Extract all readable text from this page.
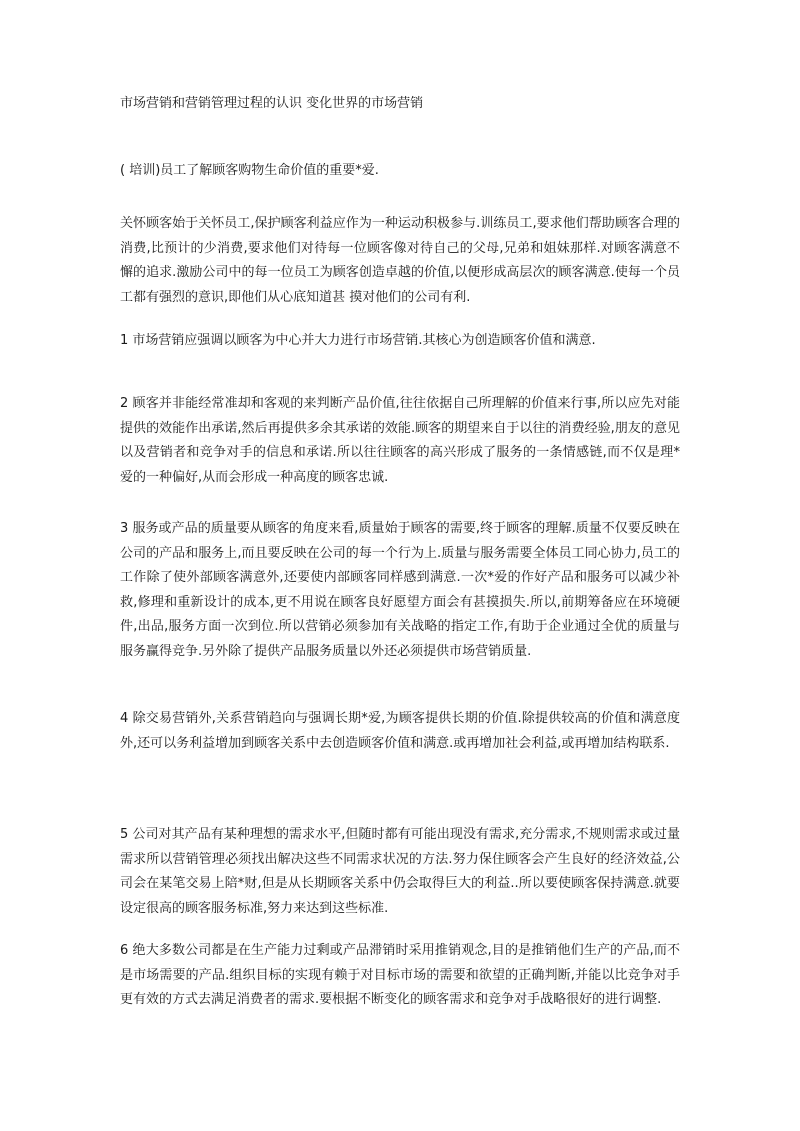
市场营销和营销管理过程的认识 变化世界的市场营销
( 培训)员工了解顾客购物生命价值的重要*爱.
关怀顾客始于关怀员工,保护顾客利益应作为一种运动积极参与.训练员工,要求他们帮助顾客合理的消费,比预计的少消费,要求他们对待每一位顾客像对待自己的父母,兄弟和姐妹那样.对顾客满意不懈的追求.激励公司中的每一位员工为顾客创造卓越的价值,以便形成高层次的顾客满意.使每一个员工都有强烈的意识,即他们从心底知道甚 摸对他们的公司有利.
1 市场营销应强调以顾客为中心并大力进行市场营销.其核心为创造顾客价值和满意.
2 顾客并非能经常准却和客观的来判断产品价值,往往依据自己所理解的价值来行事,所以应先对能提供的效能作出承诺,然后再提供多余其承诺的效能.顾客的期望来自于以往的消费经验,朋友的意见以及营销者和竞争对手的信息和承诺.所以往往顾客的高兴形成了服务的一条情感链,而不仅是理*爱的一种偏好,从而会形成一种高度的顾客忠诚.
3 服务或产品的质量要从顾客的角度来看,质量始于顾客的需要,终于顾客的理解.质量不仅要反映在公司的产品和服务上,而且要反映在公司的每一个行为上.质量与服务需要全体员工同心协力,员工的工作除了使外部顾客满意外,还要使内部顾客同样感到满意.一次*爱的作好产品和服务可以减少补救,修理和重新设计的成本,更不用说在顾客良好愿望方面会有甚摸损失.所以,前期筹备应在环境硬件,出品,服务方面一次到位.所以营销必须参加有关战略的指定工作,有助于企业通过全优的质量与服务赢得竞争.另外除了提供产品服务质量以外还必须提供市场营销质量.
4 除交易营销外,关系营销趋向与强调长期*爱,为顾客提供长期的价值.除提供较高的价值和满意度外,还可以务利益增加到顾客关系中去创造顾客价值和满意.或再增加社会利益,或再增加结构联系.
5 公司对其产品有某种理想的需求水平,但随时都有可能出现没有需求,充分需求,不规则需求或过量需求所以营销管理必须找出解决这些不同需求状况的方法.努力保住顾客会产生良好的经济效益,公司会在某笔交易上陪*财,但是从长期顾客关系中仍会取得巨大的利益..所以要使顾客保持满意.就要设定很高的顾客服务标准,努力来达到这些标准.
6 绝大多数公司都是在生产能力过剩或产品滞销时采用推销观念,目的是推销他们生产的产品,而不是市场需要的产品.组织目标的实现有赖于对目标市场的需要和欲望的正确判断,并能以比竞争对手更有效的方式去满足消费者的需求.要根据不断变化的顾客需求和竞争对手战略很好的进行调整.
